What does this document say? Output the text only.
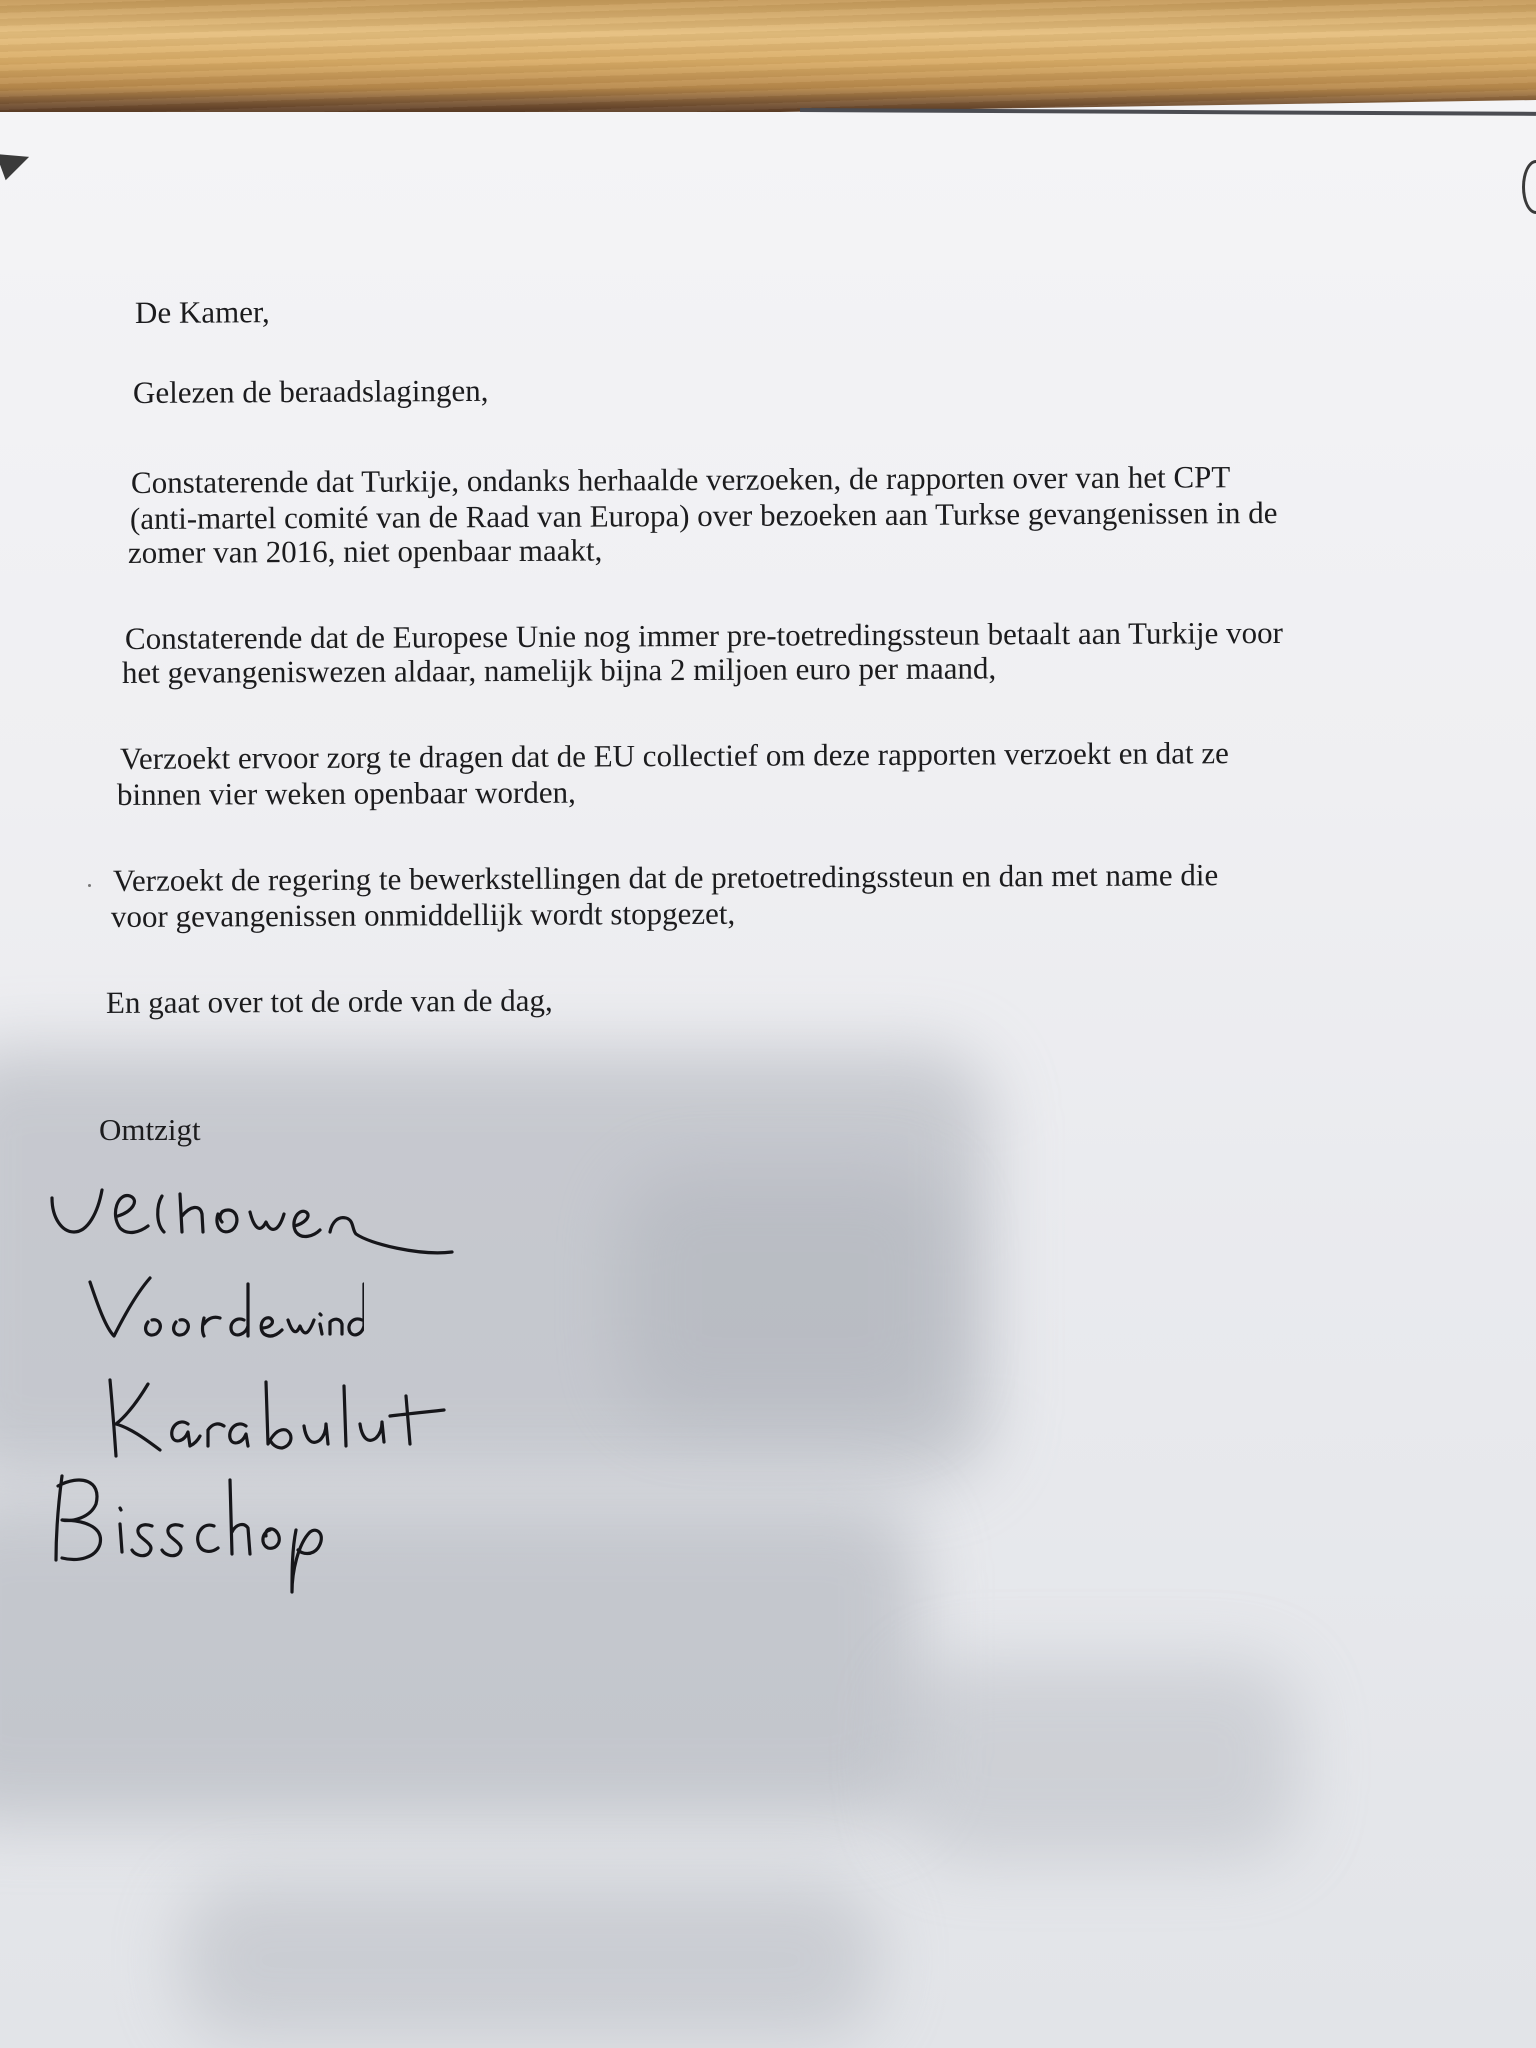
De Kamer,

Gelezen de beraadslagingen,

Constaterende dat Turkije, ondanks herhaalde verzoeken, de rapporten over van het CPT

(anti-martel comité van de Raad van Europa) over bezoeken aan Turkse gevangenissen in de

zomer van 2016, niet openbaar maakt,

Constaterende dat de Europese Unie nog immer pre-toetredingssteun betaalt aan Turkije voor

het gevangeniswezen aldaar, namelijk bijna 2 miljoen euro per maand,

Verzoekt ervoor zorg te dragen dat de EU collectief om deze rapporten verzoekt en dat ze

binnen vier weken openbaar worden,

Verzoekt de regering te bewerkstellingen dat de pretoetredingssteun en dan met name die

voor gevangenissen onmiddellijk wordt stopgezet,

En gaat over tot de orde van de dag,

Omtzigt
